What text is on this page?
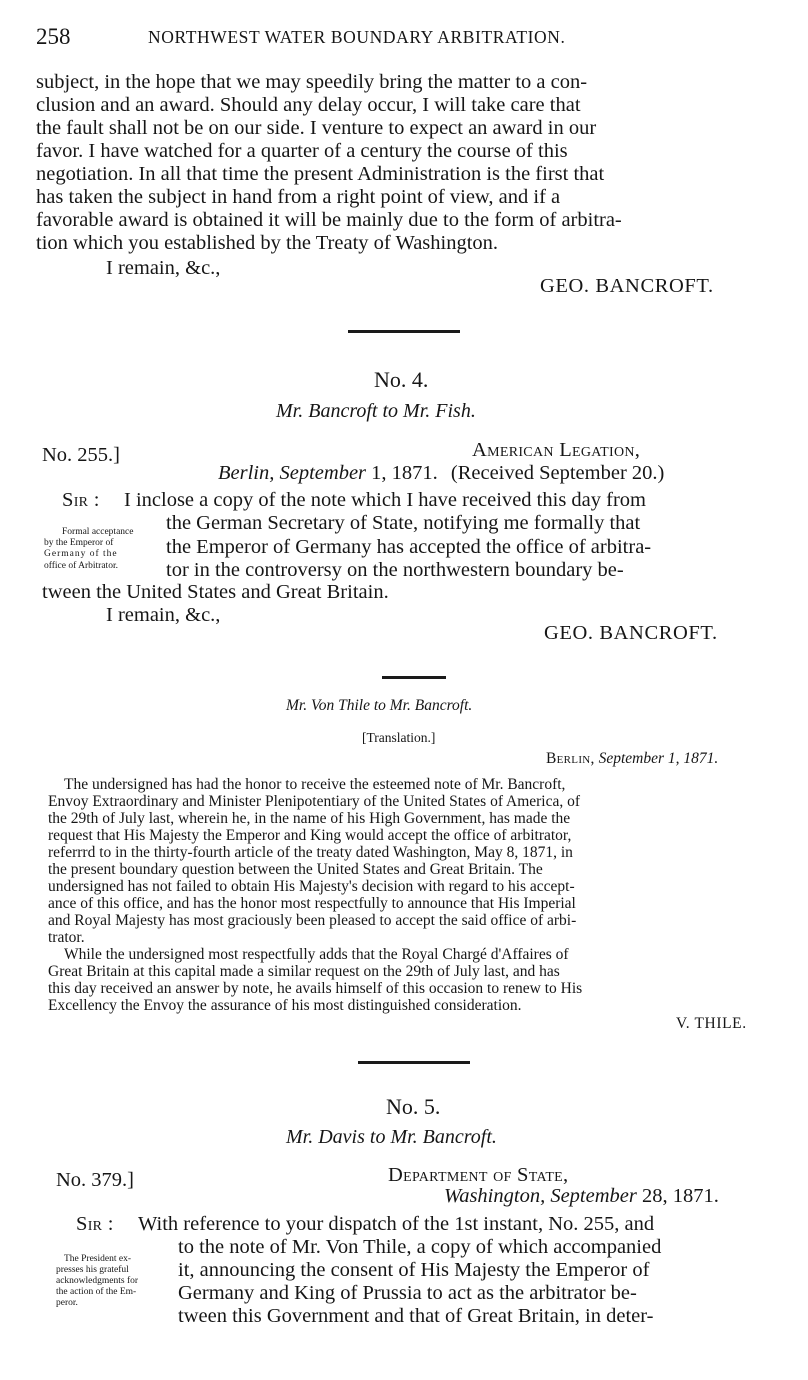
258	NORTHWEST WATER BOUNDARY ARBITRATION.
subject, in the hope that we may speedily bring the matter to a con-
clusion and an award. Should any delay occur, I will take care that
the fault shall not be on our side. I venture to expect an award in our
favor. I have watched for a quarter of a century the course of this
negotiation. In all that time the present Administration is the first that
has taken the subject in hand from a right point of view, and if a
favorable award is obtained it will be mainly due to the form of arbitra-
tion which you established by the Treaty of Washington.
I remain, &c.,
GEO. BANCROFT.
No. 4.
Mr. Bancroft to Mr. Fish.
No. 255.]	American Legation,
Berlin, September 1, 1871. (Received September 20.)
Sir : I inclose a copy of the note which I have received this day from
the German Secretary of State, notifying me formally that
the Emperor of Germany has accepted the office of arbitra-
tor in the controversy on the northwestern boundary be-
tween the United States and Great Britain.
Formal acceptance
by the Emperor of
Germany of the
office of Arbitrator.
I remain, &c.,
GEO. BANCROFT.
Mr. Von Thile to Mr. Bancroft.
[Translation.]
Berlin, September 1, 1871.
The undersigned has had the honor to receive the esteemed note of Mr. Bancroft,
Envoy Extraordinary and Minister Plenipotentiary of the United States of America, of
the 29th of July last, wherein he, in the name of his High Government, has made the
request that His Majesty the Emperor and King would accept the office of arbitrator,
referrrd to in the thirty-fourth article of the treaty dated Washington, May 8, 1871, in
the present boundary question between the United States and Great Britain. The
undersigned has not failed to obtain His Majesty's decision with regard to his accept-
ance of this office, and has the honor most respectfully to announce that His Imperial
and Royal Majesty has most graciously been pleased to accept the said office of arbi-
trator.
While the undersigned most respectfully adds that the Royal Chargé d'Affaires of
Great Britain at this capital made a similar request on the 29th of July last, and has
this day received an answer by note, he avails himself of this occasion to renew to His
Excellency the Envoy the assurance of his most distinguished consideration.
V. THILE.
No. 5.
Mr. Davis to Mr. Bancroft.
No. 379.]	Department of State,
Washington, September 28, 1871.
Sir : With reference to your dispatch of the 1st instant, No. 255, and
to the note of Mr. Von Thile, a copy of which accompanied
it, announcing the consent of His Majesty the Emperor of
Germany and King of Prussia to act as the arbitrator be-
tween this Government and that of Great Britain, in deter-
The President ex-
presses his grateful
acknowledgments for
the action of the Em-
peror.
